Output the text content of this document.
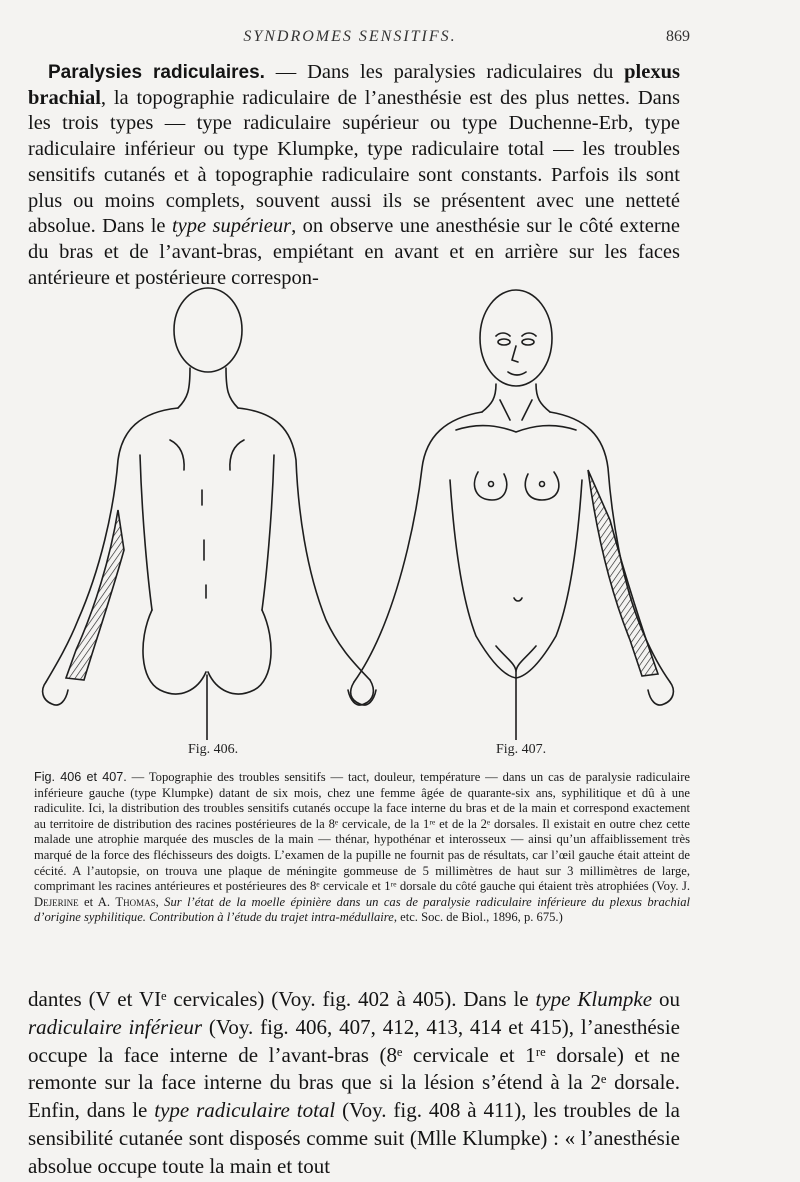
SYNDROMES SENSITIFS.	869

Paralysies radiculaires. — Dans les paralysies radiculaires du plexus brachial, la topographie radiculaire de l’anesthésie est des plus nettes. Dans les trois types — type radiculaire supérieur ou type Duchenne-Erb, type radiculaire inférieur ou type Klumpke, type radiculaire total — les troubles sensitifs cutanés et à topographie radiculaire sont constants. Parfois ils sont plus ou moins complets, souvent aussi ils se présentent avec une netteté absolue. Dans le type supérieur, on observe une anesthésie sur le côté externe du bras et de l’avant-bras, empiétant en avant et en arrière sur les faces antérieure et postérieure correspon-

Fig. 406.	Fig. 407.

Fig. 406 et 407. — Topographie des troubles sensitifs — tact, douleur, température — dans un cas de paralysie radiculaire inférieure gauche (type Klumpke) datant de six mois, chez une femme âgée de quarante-six ans, syphilitique et dû à une radiculite. Ici, la distribution des troubles sensitifs cutanés occupe la face interne du bras et de la main et correspond exactement au territoire de distribution des racines postérieures de la 8ᵉ cervicale, de la 1ʳᵉ et de la 2ᵉ dorsales. Il existait en outre chez cette malade une atrophie marquée des muscles de la main — thénar, hypothénar et interosseux — ainsi qu’un affaiblissement très marqué de la force des fléchisseurs des doigts. L’examen de la pupille ne fournit pas de résultats, car l’œil gauche était atteint de cécité. A l’autopsie, on trouva une plaque de méningite gommeuse de 5 millimètres de haut sur 3 millimètres de large, comprimant les racines antérieures et postérieures des 8ᵉ cervicale et 1ʳᵉ dorsale du côté gauche qui étaient très atrophiées (Voy. J. Dejerine et A. Thomas, Sur l’état de la moelle épinière dans un cas de paralysie radiculaire inférieure du plexus brachial d’origine syphilitique. Contribution à l’étude du trajet intra-médullaire, etc. Soc. de Biol., 1896, p. 675.)

dantes (V et VIᵉ cervicales) (Voy. fig. 402 à 405). Dans le type Klumpke ou radiculaire inférieur (Voy. fig. 406, 407, 412, 413, 414 et 415), l’anesthésie occupe la face interne de l’avant-bras (8ᵉ cervicale et 1ʳᵉ dorsale) et ne remonte sur la face interne du bras que si la lésion s’étend à la 2ᵉ dorsale. Enfin, dans le type radiculaire total (Voy. fig. 408 à 411), les troubles de la sensibilité cutanée sont disposés comme suit (Mlle Klumpke) : « l’anesthésie absolue occupe toute la main et tout
